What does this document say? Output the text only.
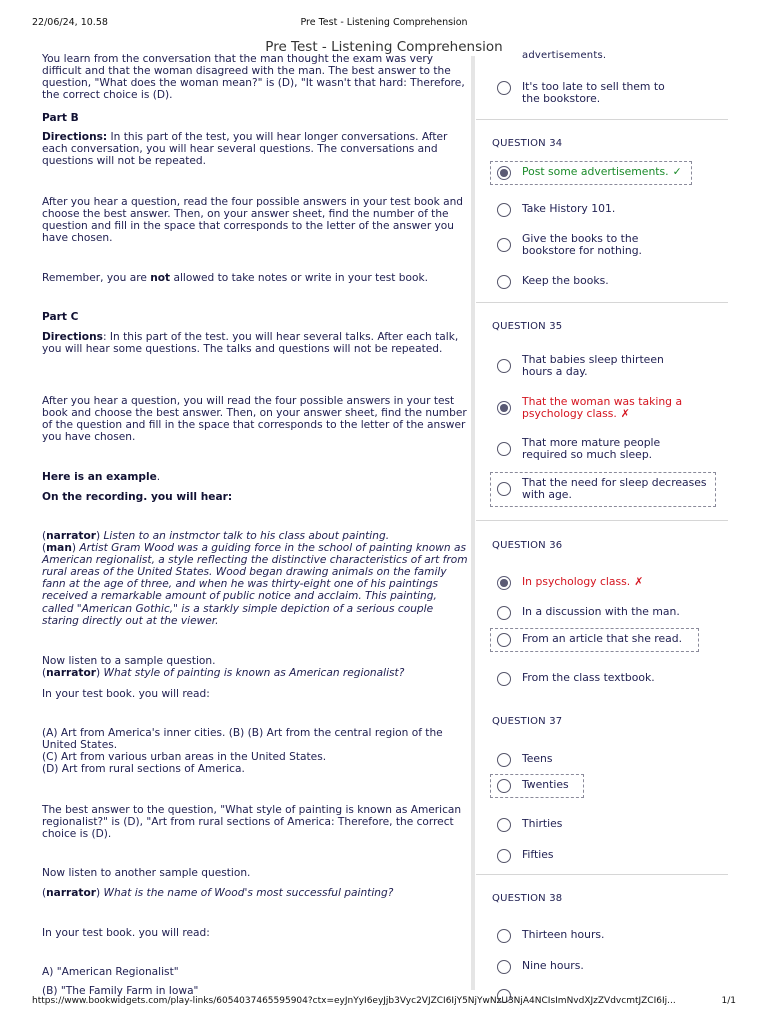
22/06/24, 10.58	Pre Test - Listening Comprehension
Pre Test - Listening Comprehension

You learn from the conversation that the man thought the exam was very difficult and that the woman disagreed with the man. The best answer to the question, "What does the woman mean?" is (D), "It wasn't that hard: Therefore, the correct choice is (D).

Part B

Directions: In this part of the test, you will hear longer conversations. After each conversation, you will hear several questions. The conversations and questions will not be repeated.

After you hear a question, read the four possible answers in your test book and choose the best answer. Then, on your answer sheet, find the number of the question and fill in the space that corresponds to the Ietter of the answer you have chosen.

Remember, you are not allowed to take notes or write in your test book.

Part C

Directions: In this part of the test. you will hear several talks. After each talk, you will hear some questions. The talks and questions will not be repeated.

After you hear a question, you will read the four possible answers in your test book and choose the best answer. Then, on your answer sheet, find the number of the question and fill in the space that corresponds to the letter of the answer you have chosen.

Here is an example.
On the recording. you will hear:

(narrator) Listen to an instmctor talk to his class about painting.

(man) Artist Gram Wood was a guiding force in the school of painting known as American regionalist, a style reflecting the distinctive characteristics of art from rural areas of the United States. Wood began drawing animals on the family fann at the age of three, and when he was thirty-eight one of his paintings received a remarkable amount of public notice and acclaim. This painting, called "American Gothic," is a starkly simple depiction of a serious couple staring directly out at the viewer.

Now listen to a sample question.

(narrator) What style of painting is known as American regionalist?

In your test book. you will read:

(A) Art from America's inner cities. (B) (B) Art from the central region of the United States.

(C) Art from various urban areas in the United States.

(D) Art from rural sections of America.

The best answer to the question, "What style of painting is known as American regionalist?" is (D), "Art from rural sections of America: Therefore, the correct choice is (D).

Now listen to another sample question.

(narrator) What is the name of Wood's most successful painting?

In your test book. you will read:

A) "American Regionalist"

(B) "The Family Farm in Iowa"

advertisements.
It's too late to sell them to the bookstore.
QUESTION 34
Post some advertisements. ✓
Take History 101.
Give the books to the bookstore for nothing.
Keep the books.
QUESTION 35
That babies sleep thirteen hours a day.
That the woman was taking a psychology class. ✗
That more mature people required so much sleep.
That the need for sleep decreases with age.
QUESTION 36
In psychology class. ✗
In a discussion with the man.
From an article that she read.
From the class textbook.
QUESTION 37
Teens
Twenties
Thirties
Fifties
QUESTION 38
Thirteen hours.
Nine hours.
https://www.bookwidgets.com/play-links/6054037465595904?ctx=eyJnYyI6eyJjb3Vyc2VJZCI6IjY5NjYwNzU3NjA4NCIsImNvdXJzZVdvcmtJZCI6Ij...	1/1
